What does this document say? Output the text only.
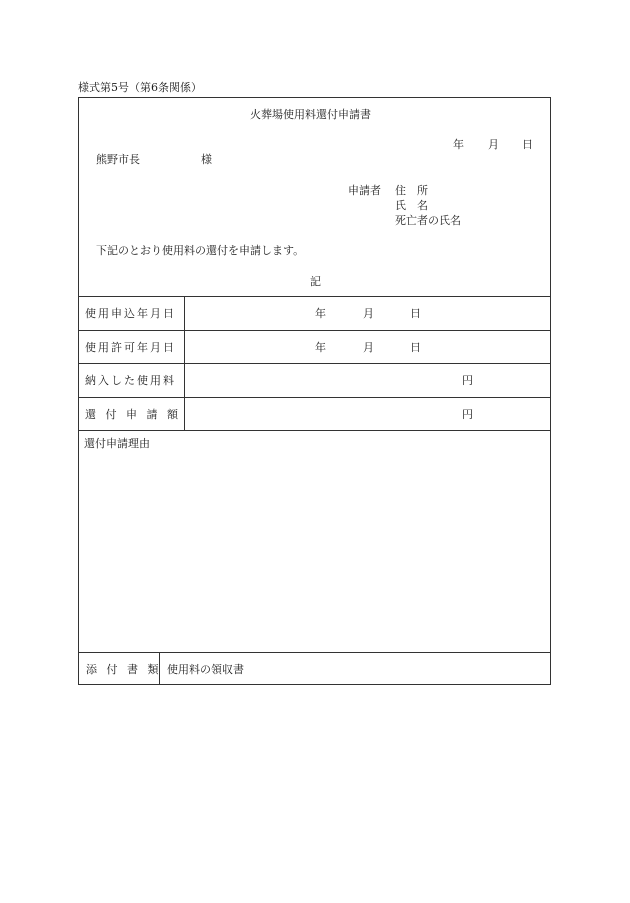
様式第5号（第6条関係）
火葬場使用料還付申請書
年 月 日
熊野市長	様
申請者 住　所
氏　名
死亡者の氏名
下記のとおり使用料の還付を申請します。
記
使用申込年月日	年	月	日
使用許可年月日	年	月	日
納入した使用料	円
還 付 申 請 額	円
還付申請理由
添 付 書 類 使用料の領収書
